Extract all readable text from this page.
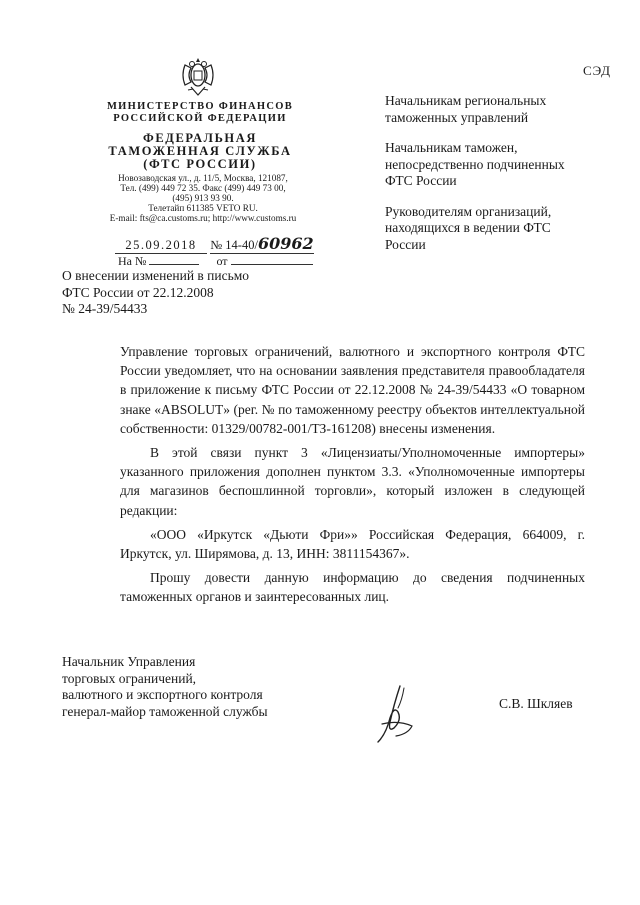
СЭД
МИНИСТЕРСТВО ФИНАНСОВ
РОССИЙСКОЙ ФЕДЕРАЦИИ
ФЕДЕРАЛЬНАЯ
ТАМОЖЕННАЯ СЛУЖБА
(ФТС РОССИИ)
Новозаводская ул., д. 11/5, Москва, 121087,
Тел. (499) 449 72 35. Факс (499) 449 73 00,
(495) 913 93 90.
Телетайп 611385 VETO RU.
E-mail: fts@ca.customs.ru; http://www.customs.ru
25.09.2018 № 14-40/60962
На №	от
О внесении изменений в письмо
ФТС России от 22.12.2008
№ 24-39/54433

Начальникам региональных таможенных управлений

Начальникам таможен, непосредственно подчиненных ФТС России

Руководителям организаций, находящихся в ведении ФТС России

Управление торговых ограничений, валютного и экспортного контроля ФТС России уведомляет, что на основании заявления представителя правообладателя в приложение к письму ФТС России от 22.12.2008 № 24-39/54433 «О товарном знаке «ABSOLUT» (рег. № по таможенному реестру объектов интеллектуальной собственности: 01329/00782-001/ТЗ-161208) внесены изменения.

В этой связи пункт 3 «Лицензиаты/Уполномоченные импортеры» указанного приложения дополнен пунктом 3.3. «Уполномоченные импортеры для магазинов беспошлинной торговли», который изложен в следующей редакции:

«ООО «Иркутск «Дьюти Фри»» Российская Федерация, 664009, г. Иркутск, ул. Ширямова, д. 13, ИНН: 3811154367».

Прошу довести данную информацию до сведения подчиненных таможенных органов и заинтересованных лиц.

Начальник Управления
торговых ограничений,
валютного и экспортного контроля
генерал-майор таможенной службы	С.В. Шкляев
